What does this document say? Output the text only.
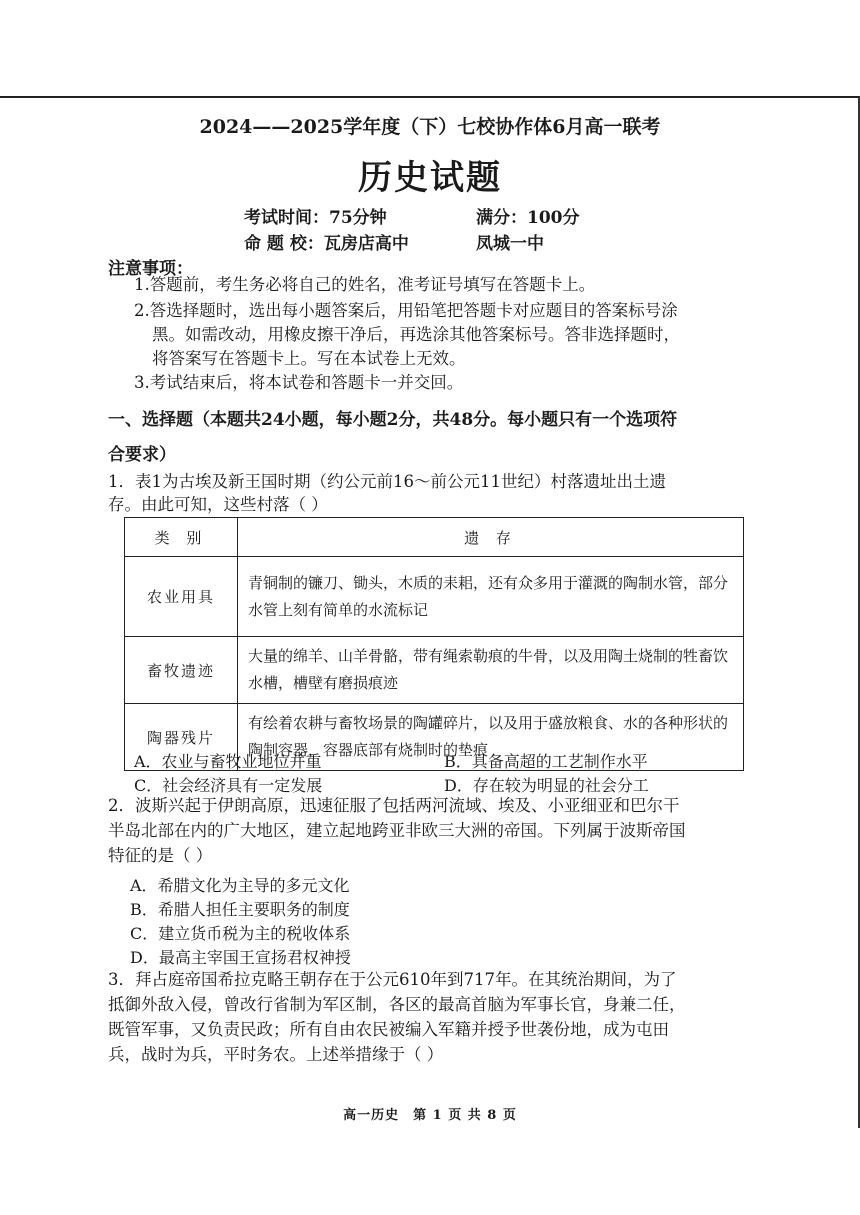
2024——2025学年度（下）七校协作体6月高一联考
历史试题
考试时间：75分钟	满分：100分
命 题 校：瓦房店高中	凤城一中
注意事项：
1.答题前，考生务必将自己的姓名，准考证号填写在答题卡上。
2.答选择题时，选出每小题答案后，用铅笔把答题卡对应题目的答案标号涂
黑。如需改动，用橡皮擦干净后，再选涂其他答案标号。答非选择题时，
将答案写在答题卡上。写在本试卷上无效。
3.考试结束后，将本试卷和答题卡一并交回。
一、选择题（本题共24小题，每小题2分，共48分。每小题只有一个选项符
合要求）
1．表1为古埃及新王国时期（约公元前16～前公元11世纪）村落遗址出土遗
存。由此可知，这些村落（ ）
类 别	遗 存
农业用具	青铜制的镰刀、锄头，木质的耒耜，还有众多用于灌溉的陶制水管，部分水管上刻有简单的水流标记
畜牧遗迹	大量的绵羊、山羊骨骼，带有绳索勒痕的牛骨，以及用陶土烧制的牲畜饮水槽，槽壁有磨损痕迹
陶器残片	有绘着农耕与畜牧场景的陶罐碎片，以及用于盛放粮食、水的各种形状的陶制容器，容器底部有烧制时的垫痕
A．农业与畜牧业地位并重	B．具备高超的工艺制作水平
C．社会经济具有一定发展	D．存在较为明显的社会分工
2．波斯兴起于伊朗高原，迅速征服了包括两河流域、埃及、小亚细亚和巴尔干
半岛北部在内的广大地区，建立起地跨亚非欧三大洲的帝国。下列属于波斯帝国
特征的是（ ）
A．希腊文化为主导的多元文化
B．希腊人担任主要职务的制度
C．建立货币税为主的税收体系
D．最高主宰国王宣扬君权神授
3．拜占庭帝国希拉克略王朝存在于公元610年到717年。在其统治期间，为了
抵御外敌入侵，曾改行省制为军区制，各区的最高首脑为军事长官，身兼二任，
既管军事，又负责民政；所有自由农民被编入军籍并授予世袭份地，成为屯田
兵，战时为兵，平时务农。上述举措缘于（ ）
高一历史　第 1 页 共 8 页
